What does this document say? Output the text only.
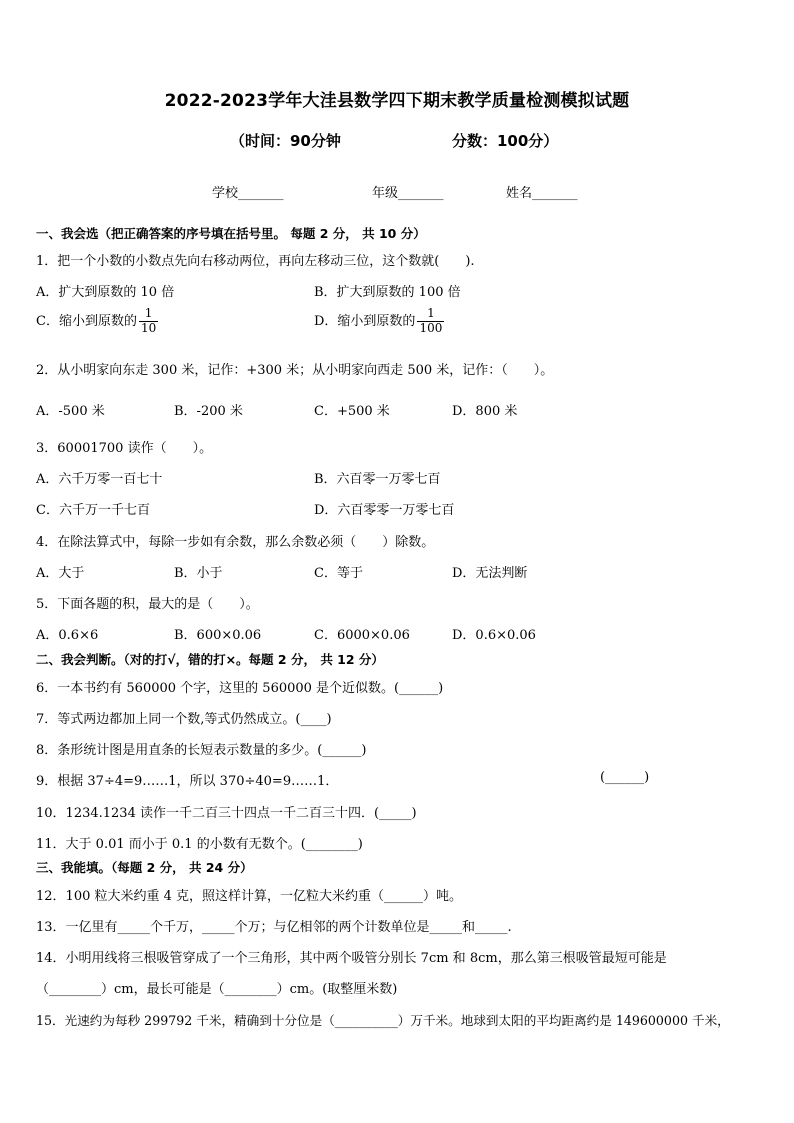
2022-2023学年大洼县数学四下期末教学质量检测模拟试题
（时间：90分钟	分数：100分）
学校_______	年级_______	姓名_______
一、我会选（把正确答案的序号填在括号里。 每题 2 分， 共 10 分）
1．把一个小数的小数点先向右移动两位，再向左移动三位，这个数就(　　).
A．扩大到原数的 10 倍	B．扩大到原数的 100 倍
C．缩小到原数的 $\frac{1}{10}$	D．缩小到原数的 $\frac{1}{100}$
2．从小明家向东走 300 米，记作：+300 米；从小明家向西走 500 米，记作：（　　）。
A．-500 米	B．-200 米	C．+500 米	D．800 米
3．60001700 读作（　　）。
A．六千万零一百七十	B．六百零一万零七百
C．六千万一千七百	D．六百零零一万零七百
4．在除法算式中，每除一步如有余数，那么余数必须（　　）除数。
A．大于	B．小于	C．等于	D．无法判断
5．下面各题的积，最大的是（　　）。
A．0.6×6	B．600×0.06	C．6000×0.06	D．0.6×0.06
二、我会判断。（对的打√，错的打×。每题 2 分， 共 12 分）
6．一本书约有 560000 个字，这里的 560000 是个近似数。(______)
7．等式两边都加上同一个数,等式仍然成立。(____)
8．条形统计图是用直条的长短表示数量的多少。(______)
9．根据 37÷4=9……1，所以 370÷40=9……1．	(______)
10．1234.1234 读作一千二百三十四点一千二百三十四．(_____)
11．大于 0.01 而小于 0.1 的小数有无数个。(________)
三、我能填。（每题 2 分， 共 24 分）
12．100 粒大米约重 4 克，照这样计算，一亿粒大米约重（______）吨。
13．一亿里有_____个千万，_____个万；与亿相邻的两个计数单位是_____和_____.
14．小明用线将三根吸管穿成了一个三角形，其中两个吸管分别长 7cm 和 8cm，那么第三根吸管最短可能是
（________）cm，最长可能是（________）cm。(取整厘米数)
15．光速约为每秒 299792 千米，精确到十分位是（__________）万千米。地球到太阳的平均距离约是 149600000 千米，
